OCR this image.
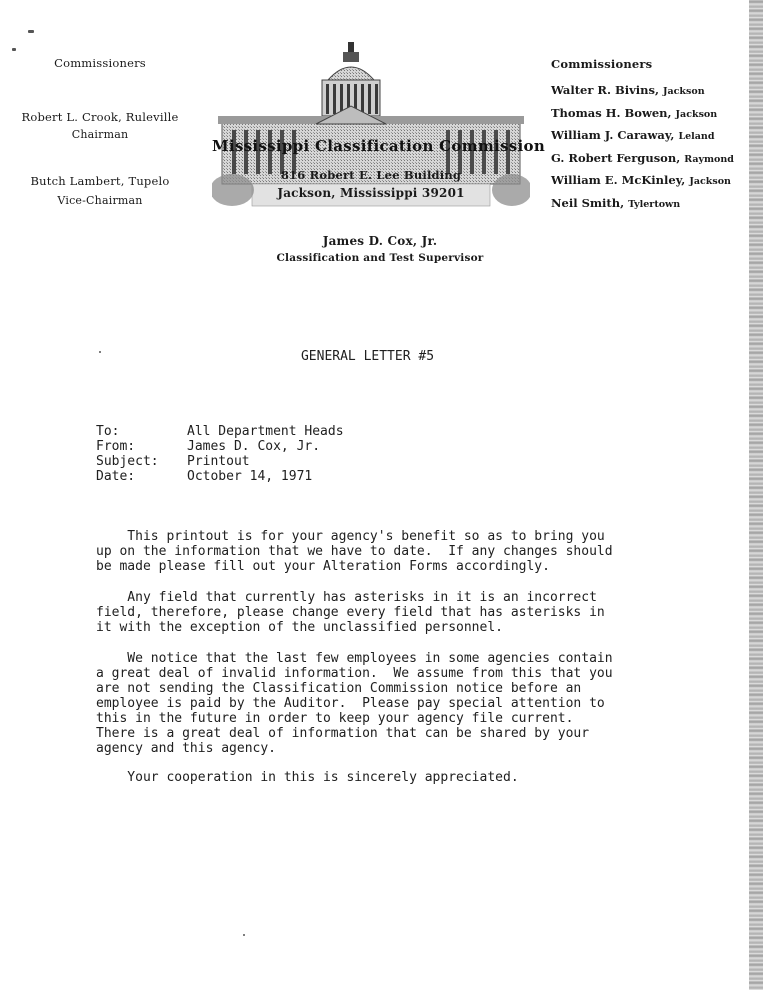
Commissioners
Robert L. Crook, Ruleville
Chairman
Butch Lambert, Tupelo
Vice-Chairman
Commissioners
Walter R. Bivins, Jackson
Thomas H. Bowen, Jackson
William J. Caraway, Leland
G. Robert Ferguson, Raymond
William E. McKinley, Jackson
Neil Smith, Tylertown
Mississippi Classification Commission
816 Robert E. Lee Building
Jackson, Mississippi 39201
James D. Cox, Jr.
Classification and Test Supervisor
GENERAL LETTER #5
To:	All Department Heads
From:	James D. Cox, Jr.
Subject: Printout
Date:	October 14, 1971
This printout is for your agency's benefit so as to bring you
up on the information that we have to date.  If any changes should
be made please fill out your Alteration Forms accordingly.
Any field that currently has asterisks in it is an incorrect
field, therefore, please change every field that has asterisks in
it with the exception of the unclassified personnel.
We notice that the last few employees in some agencies contain
a great deal of invalid information.  We assume from this that you
are not sending the Classification Commission notice before an
employee is paid by the Auditor.  Please pay special attention to
this in the future in order to keep your agency file current.
There is a great deal of information that can be shared by your
agency and this agency.
Your cooperation in this is sincerely appreciated.
